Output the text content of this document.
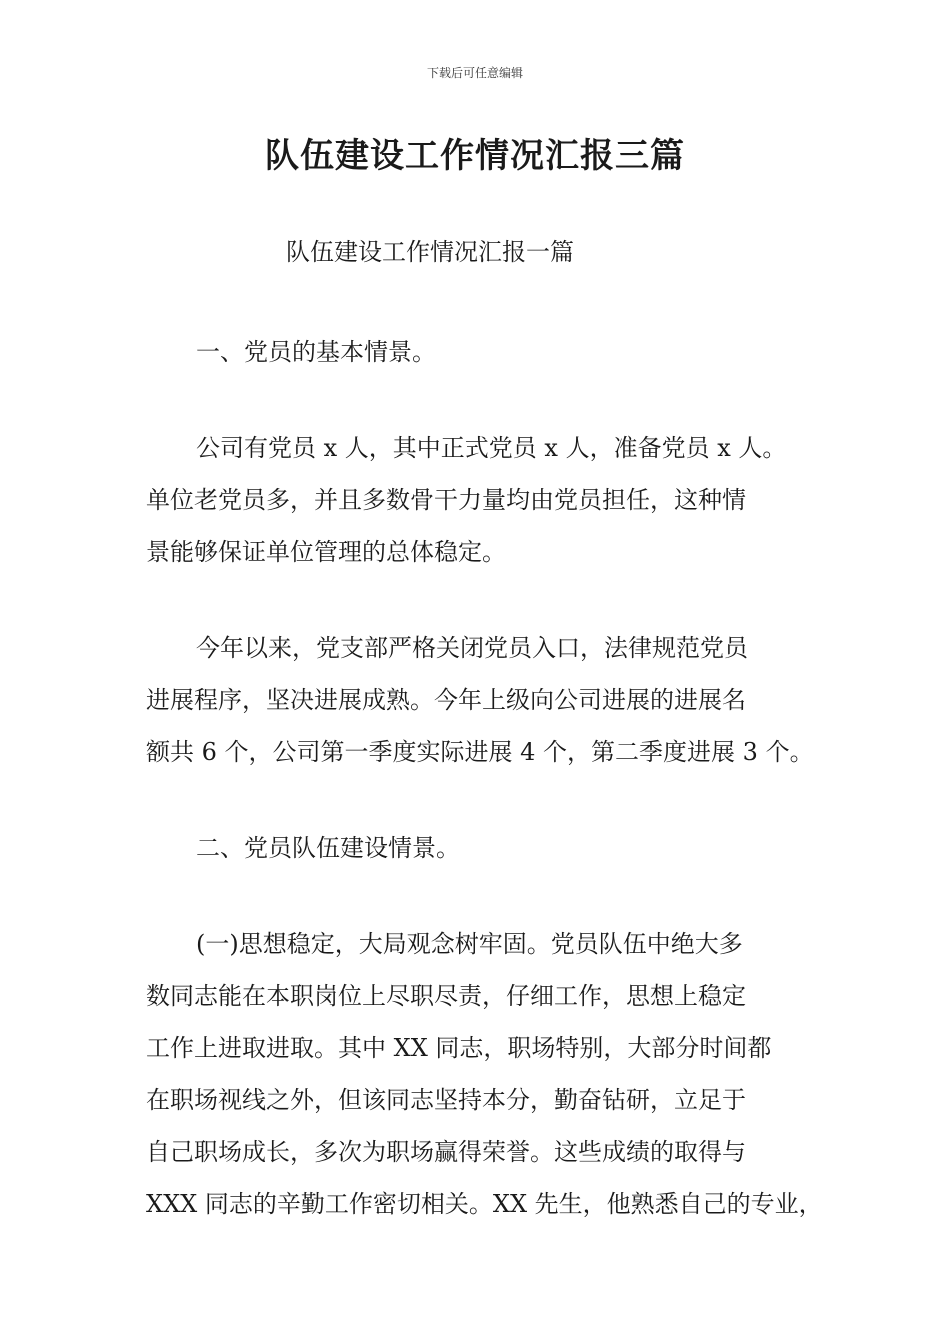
下载后可任意编辑
队伍建设工作情况汇报三篇
队伍建设工作情况汇报一篇
一、党员的基本情景。
公司有党员 x 人，其中正式党员 x 人，准备党员 x 人。
单位老党员多，并且多数骨干力量均由党员担任，这种情
景能够保证单位管理的总体稳定。
今年以来，党支部严格关闭党员入口，法律规范党员
进展程序，坚决进展成熟。今年上级向公司进展的进展名
额共 6 个，公司第一季度实际进展 4 个，第二季度进展 3 个。
二、党员队伍建设情景。
(一)思想稳定，大局观念树牢固。党员队伍中绝大多
数同志能在本职岗位上尽职尽责，仔细工作，思想上稳定
工作上进取进取。其中 XX 同志，职场特别，大部分时间都
在职场视线之外，但该同志坚持本分，勤奋钻研，立足于
自己职场成长，多次为职场赢得荣誉。这些成绩的取得与
XXX 同志的辛勤工作密切相关。XX 先生，他熟悉自己的专业，
